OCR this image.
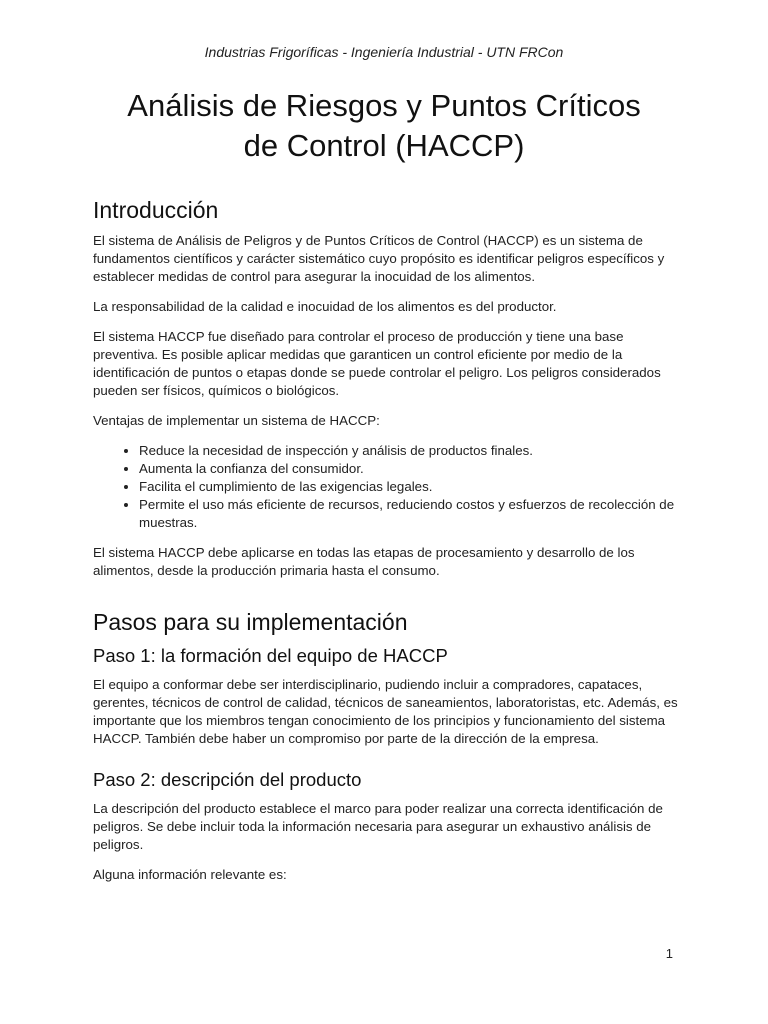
Industrias Frigoríficas - Ingeniería Industrial - UTN FRCon
Análisis de Riesgos y Puntos Críticos
de Control (HACCP)
Introducción

El sistema de Análisis de Peligros y de Puntos Críticos de Control (HACCP) es un sistema de fundamentos científicos y carácter sistemático cuyo propósito es identificar peligros específicos y establecer medidas de control para asegurar la inocuidad de los alimentos.

La responsabilidad de la calidad e inocuidad de los alimentos es del productor.

El sistema HACCP fue diseñado para controlar el proceso de producción y tiene una base preventiva. Es posible aplicar medidas que garanticen un control eficiente por medio de la identificación de puntos o etapas donde se puede controlar el peligro. Los peligros considerados pueden ser físicos, químicos o biológicos.

Ventajas de implementar un sistema de HACCP:

• Reduce la necesidad de inspección y análisis de productos finales.
• Aumenta la confianza del consumidor.
• Facilita el cumplimiento de las exigencias legales.
• Permite el uso más eficiente de recursos, reduciendo costos y esfuerzos de recolección de muestras.

El sistema HACCP debe aplicarse en todas las etapas de procesamiento y desarrollo de los alimentos, desde la producción primaria hasta el consumo.

Pasos para su implementación
Paso 1: la formación del equipo de HACCP

El equipo a conformar debe ser interdisciplinario, pudiendo incluir a compradores, capataces, gerentes, técnicos de control de calidad, técnicos de saneamientos, laboratoristas, etc. Además, es importante que los miembros tengan conocimiento de los principios y funcionamiento del sistema HACCP. También debe haber un compromiso por parte de la dirección de la empresa.

Paso 2: descripción del producto

La descripción del producto establece el marco para poder realizar una correcta identificación de peligros. Se debe incluir toda la información necesaria para asegurar un exhaustivo análisis de peligros.

Alguna información relevante es:

1
